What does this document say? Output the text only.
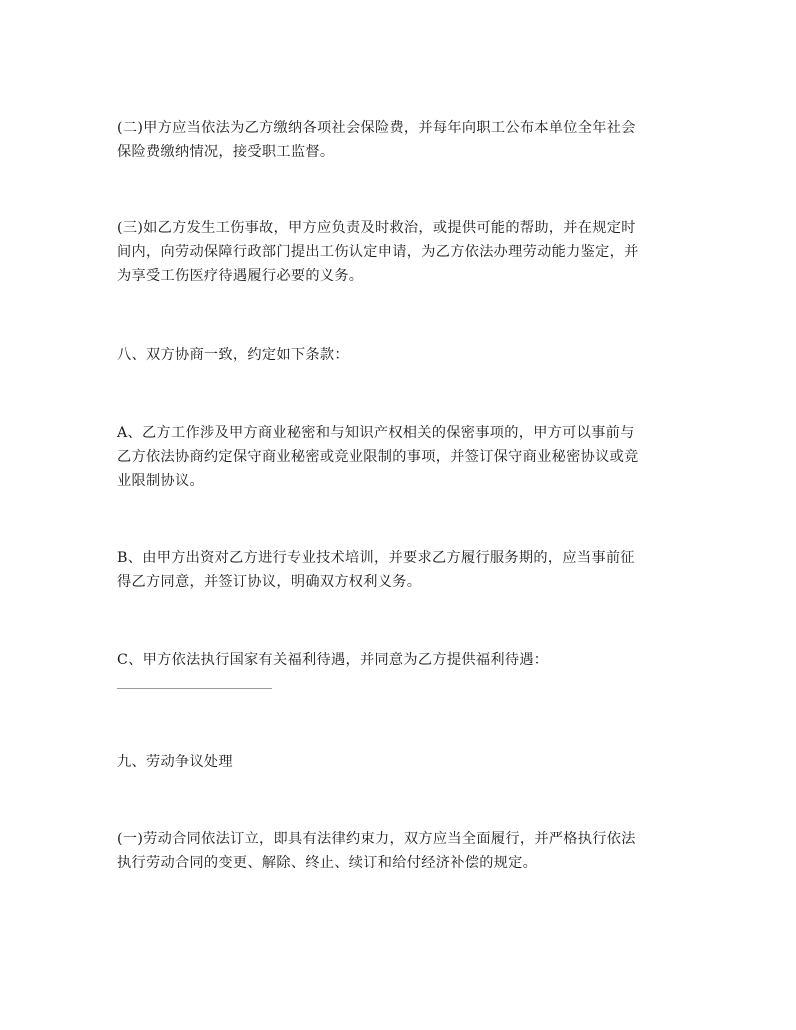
(二)甲方应当依法为乙方缴纳各项社会保险费，并每年向职工公布本单位全年社会
保险费缴纳情况，接受职工监督。

(三)如乙方发生工伤事故，甲方应负责及时救治，或提供可能的帮助，并在规定时
间内，向劳动保障行政部门提出工伤认定申请，为乙方依法办理劳动能力鉴定，并
为享受工伤医疗待遇履行必要的义务。

八、双方协商一致，约定如下条款：

A、乙方工作涉及甲方商业秘密和与知识产权相关的保密事项的，甲方可以事前与
乙方依法协商约定保守商业秘密或竞业限制的事项，并签订保守商业秘密协议或竞
业限制协议。

B、由甲方出资对乙方进行专业技术培训，并要求乙方履行服务期的，应当事前征
得乙方同意，并签订协议，明确双方权利义务。

C、甲方依法执行国家有关福利待遇，并同意为乙方提供福利待遇：

九、劳动争议处理

(一)劳动合同依法订立，即具有法律约束力，双方应当全面履行，并严格执行依法
执行劳动合同的变更、解除、终止、续订和给付经济补偿的规定。
